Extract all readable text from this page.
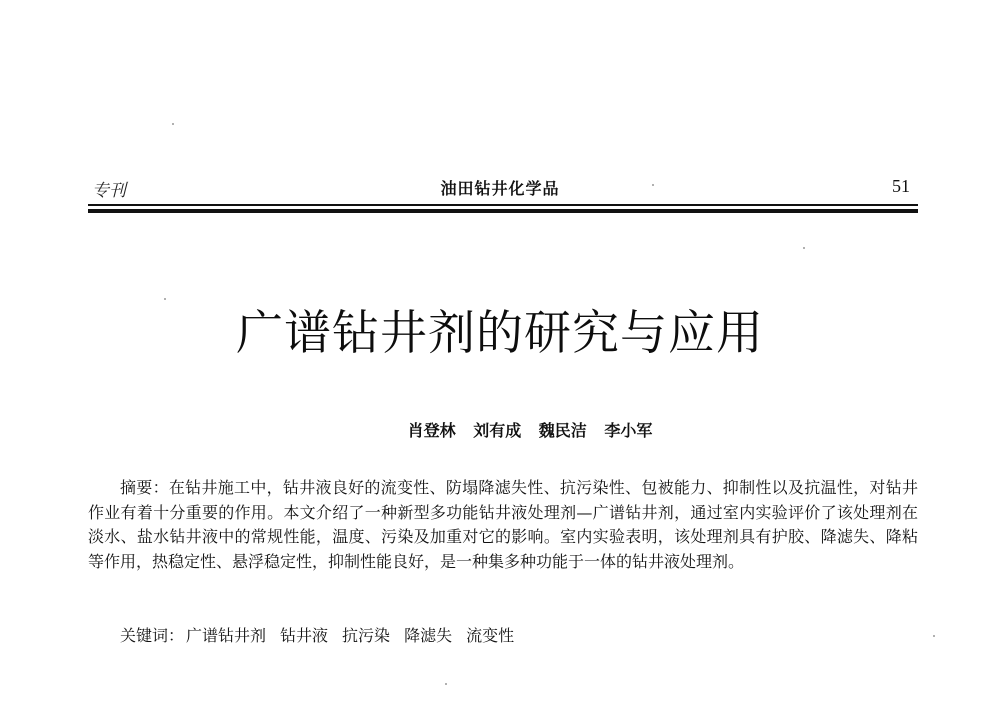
专刊	油田钻井化学品	51
广谱钻井剂的研究与应用
肖登林 刘有成 魏民洁 李小军

摘要：在钻井施工中，钻井液良好的流变性、防塌降滤失性、抗污染性、包被能力、抑制性以及抗温性，对钻井作业有着十分重要的作用。本文介绍了一种新型多功能钻井液处理剂—广谱钻井剂，通过室内实验评价了该处理剂在淡水、盐水钻井液中的常规性能，温度、污染及加重对它的影响。室内实验表明，该处理剂具有护胶、降滤失、降粘等作用，热稳定性、悬浮稳定性，抑制性能良好，是一种集多种功能于一体的钻井液处理剂。

关键词： 广谱钻井剂 钻井液 抗污染 降滤失 流变性
